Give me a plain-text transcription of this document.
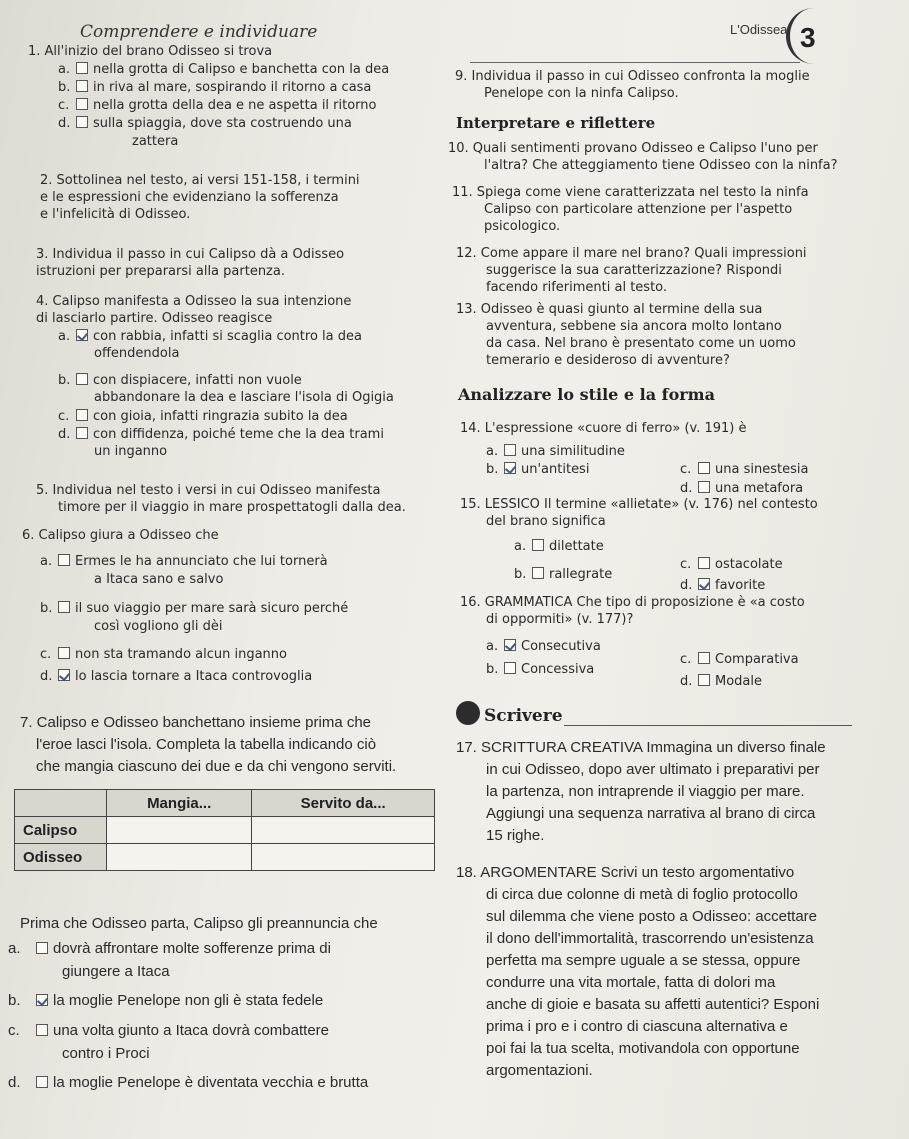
Comprendere e individuare	L'Odissea 3
1. All'inizio del brano Odisseo si trova
a. nella grotta di Calipso e banchetta con la dea
b. in riva al mare, sospirando il ritorno a casa
c. nella grotta della dea e ne aspetta il ritorno
d. sulla spiaggia, dove sta costruendo una
zattera
2. Sottolinea nel testo, ai versi 151-158, i termini
e le espressioni che evidenziano la sofferenza
e l'infelicità di Odisseo.
3. Individua il passo in cui Calipso dà a Odisseo
istruzioni per prepararsi alla partenza.
4. Calipso manifesta a Odisseo la sua intenzione
di lasciarlo partire. Odisseo reagisce
a. con rabbia, infatti si scaglia contro la dea
offendendola
b. con dispiacere, infatti non vuole
abbandonare la dea e lasciare l'isola di Ogigia
c. con gioia, infatti ringrazia subito la dea
d. con diffidenza, poiché teme che la dea trami
un inganno
5. Individua nel testo i versi in cui Odisseo manifesta
timore per il viaggio in mare prospettatogli dalla dea.
6. Calipso giura a Odisseo che
a. Ermes le ha annunciato che lui tornerà
a Itaca sano e salvo
b. il suo viaggio per mare sarà sicuro perché
così vogliono gli dèi
c. non sta tramando alcun inganno
d. lo lascia tornare a Itaca controvoglia
7. Calipso e Odisseo banchettano insieme prima che
l'eroe lasci l'isola. Completa la tabella indicando ciò
che mangia ciascuno dei due e da chi vengono serviti.
	Mangia...	Servito da...
Calipso		
Odisseo		
Prima che Odisseo parta, Calipso gli preannuncia che
a. dovrà affrontare molte sofferenze prima di
giungere a Itaca
b. la moglie Penelope non gli è stata fedele
c. una volta giunto a Itaca dovrà combattere
contro i Proci
d. la moglie Penelope è diventata vecchia e brutta
9. Individua il passo in cui Odisseo confronta la moglie
Penelope con la ninfa Calipso.
Interpretare e riflettere
10. Quali sentimenti provano Odisseo e Calipso l'uno per
l'altra? Che atteggiamento tiene Odisseo con la ninfa?
11. Spiega come viene caratterizzata nel testo la ninfa
Calipso con particolare attenzione per l'aspetto
psicologico.
12. Come appare il mare nel brano? Quali impressioni
suggerisce la sua caratterizzazione? Rispondi
facendo riferimenti al testo.
13. Odisseo è quasi giunto al termine della sua
avventura, sebbene sia ancora molto lontano
da casa. Nel brano è presentato come un uomo
temerario e desideroso di avventure?
Analizzare lo stile e la forma
14. L'espressione «cuore di ferro» (v. 191) è
a. una similitudine
b. un'antitesi	c. una sinestesia
d. una metafora
15. LESSICO Il termine «allietate» (v. 176) nel contesto
del brano significa
a. dilettate
b. rallegrate
c. ostacolate
d. favorite
16. GRAMMATICA Che tipo di proposizione è «a costo
di oppormiti» (v. 177)?
a. Consecutiva
b. Concessiva
c. Comparativa
d. Modale
Scrivere
17. SCRITTURA CREATIVA Immagina un diverso finale
in cui Odisseo, dopo aver ultimato i preparativi per
la partenza, non intraprende il viaggio per mare.
Aggiungi una sequenza narrativa al brano di circa
15 righe.
18. ARGOMENTARE Scrivi un testo argomentativo
di circa due colonne di metà di foglio protocollo
sul dilemma che viene posto a Odisseo: accettare
il dono dell'immortalità, trascorrendo un'esistenza
perfetta ma sempre uguale a se stessa, oppure
condurre una vita mortale, fatta di dolori ma
anche di gioie e basata su affetti autentici? Esponi
prima i pro e i contro di ciascuna alternativa e
poi fai la tua scelta, motivandola con opportune
argomentazioni.
